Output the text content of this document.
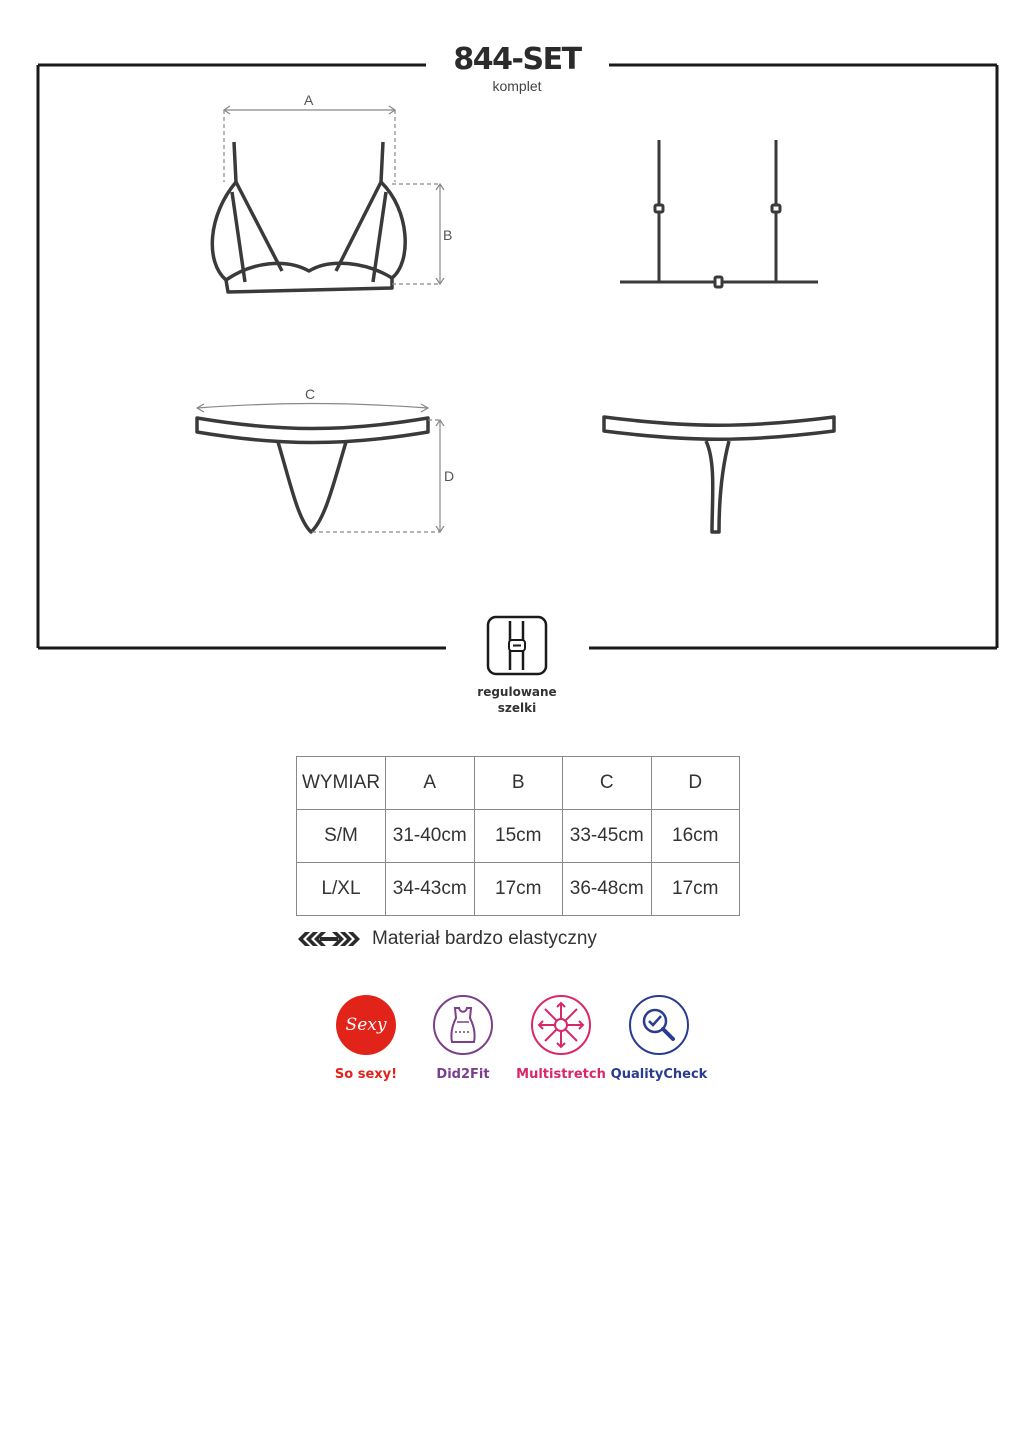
844-SET
komplet
A
B
C
D
regulowane
szelki
WYMIAR	A	B	C	D
S/M	31-40cm	15cm	33-45cm	16cm
L/XL	34-43cm	17cm	36-48cm	17cm
Materiał bardzo elastyczny
Sexy
So sexy!	Did2Fit	Multistretch QualityCheck
